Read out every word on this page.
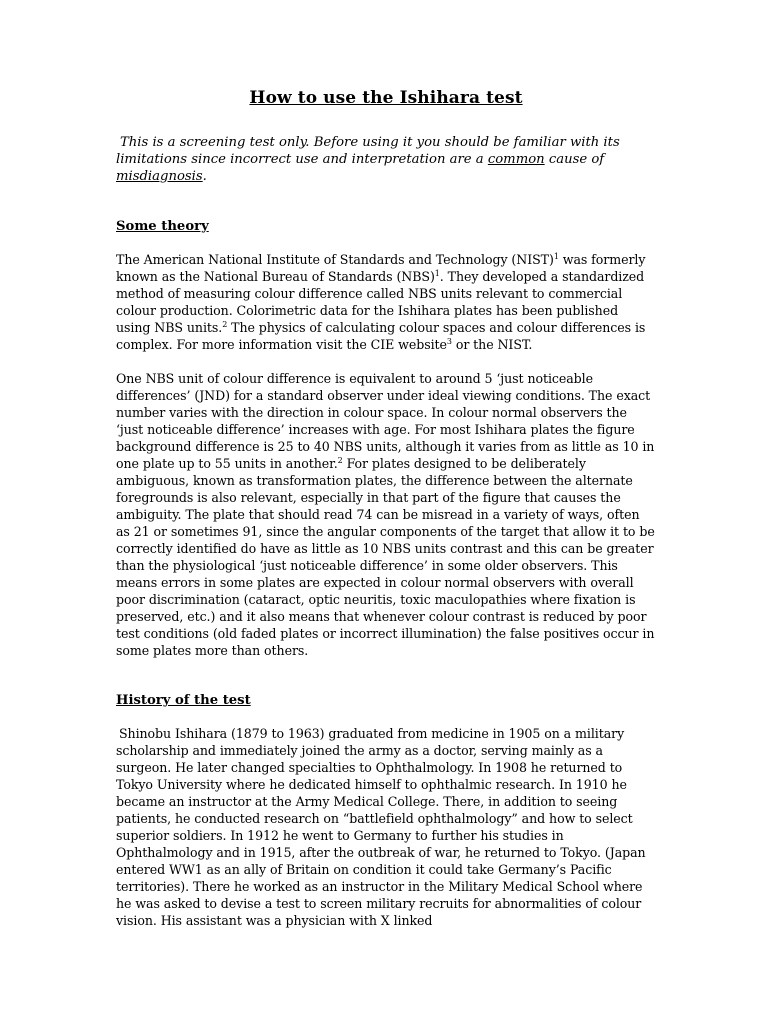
How to use the Ishihara test

This is a screening test only. Before using it you should be familiar with its limitations since incorrect use and interpretation are a common cause of misdiagnosis.

Some theory

The American National Institute of Standards and Technology (NIST)$^1$ was formerly known as the National Bureau of Standards (NBS)$^1$. They developed a standardized method of measuring colour difference called NBS units relevant to commercial colour production. Colorimetric data for the Ishihara plates has been published using NBS units.$^2$ The physics of calculating colour spaces and colour differences is complex. For more information visit the CIE website$^3$ or the NIST.

One NBS unit of colour difference is equivalent to around 5 ‘just noticeable differences’ (JND) for a standard observer under ideal viewing conditions. The exact number varies with the direction in colour space. In colour normal observers the ‘just noticeable difference’ increases with age. For most Ishihara plates the figure background difference is 25 to 40 NBS units, although it varies from as little as 10 in one plate up to 55 units in another.$^2$ For plates designed to be deliberately ambiguous, known as transformation plates, the difference between the alternate foregrounds is also relevant, especially in that part of the figure that causes the ambiguity. The plate that should read 74 can be misread in a variety of ways, often as 21 or sometimes 91, since the angular components of the target that allow it to be correctly identified do have as little as 10 NBS units contrast and this can be greater than the physiological ‘just noticeable difference’ in some older observers. This means errors in some plates are expected in colour normal observers with overall poor discrimination (cataract, optic neuritis, toxic maculopathies where fixation is preserved, etc.) and it also means that whenever colour contrast is reduced by poor test conditions (old faded plates or incorrect illumination) the false positives occur in some plates more than others.

History of the test

Shinobu Ishihara (1879 to 1963) graduated from medicine in 1905 on a military scholarship and immediately joined the army as a doctor, serving mainly as a surgeon. He later changed specialties to Ophthalmology. In 1908 he returned to Tokyo University where he dedicated himself to ophthalmic research. In 1910 he became an instructor at the Army Medical College. There, in addition to seeing patients, he conducted research on “battlefield ophthalmology” and how to select superior soldiers. In 1912 he went to Germany to further his studies in Ophthalmology and in 1915, after the outbreak of war, he returned to Tokyo. (Japan entered WW1 as an ally of Britain on condition it could take Germany’s Pacific territories). There he worked as an instructor in the Military Medical School where he was asked to devise a test to screen military recruits for abnormalities of colour vision. His assistant was a physician with X linked
